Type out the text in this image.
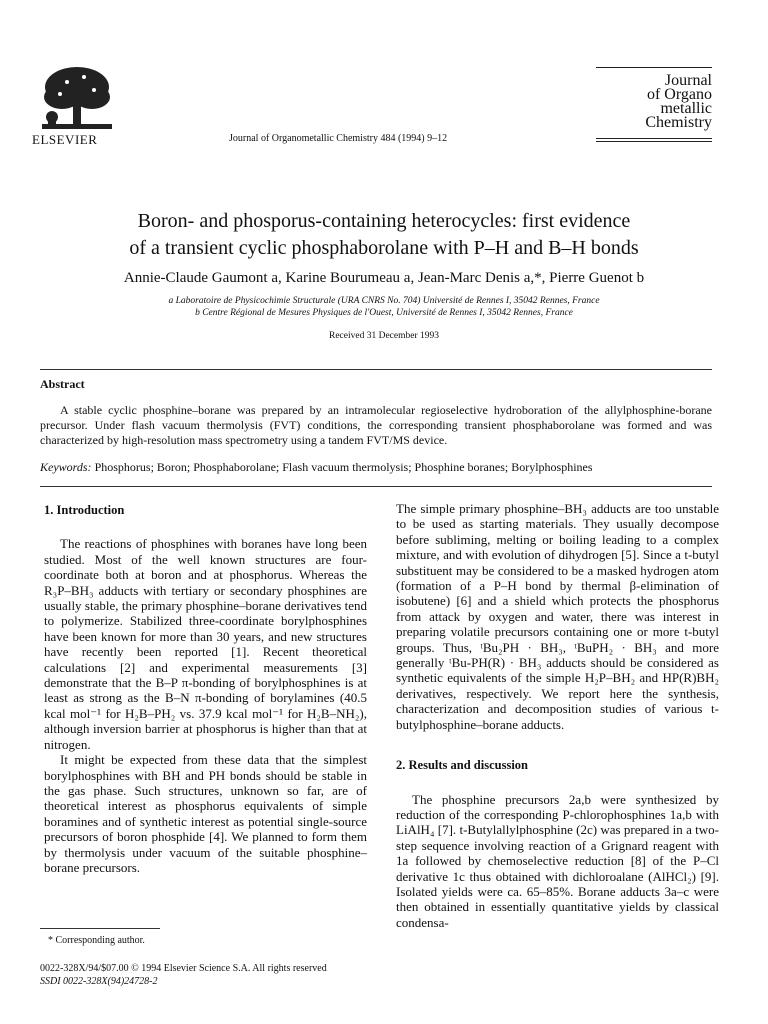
ELSEVIER	Journal of Organometallic Chemistry 484 (1994) 9–12
Journal
of Organo
metallic
Chemistry
Boron- and phosporus-containing heterocycles: first evidence
of a transient cyclic phosphaborolane with P–H and B–H bonds
Annie-Claude Gaumont a, Karine Bourumeau a, Jean-Marc Denis a,*, Pierre Guenot b
a Laboratoire de Physicochimie Structurale (URA CNRS No. 704) Université de Rennes I, 35042 Rennes, France
b Centre Régional de Mesures Physiques de l'Ouest, Université de Rennes I, 35042 Rennes, France
Received 31 December 1993
Abstract

A stable cyclic phosphine–borane was prepared by an intramolecular regioselective hydroboration of the allylphosphine-borane precursor. Under flash vacuum thermolysis (FVT) conditions, the corresponding transient phosphaborolane was formed and was characterized by high-resolution mass spectrometry using a tandem FVT/MS device.

Keywords: Phosphorus; Boron; Phosphaborolane; Flash vacuum thermolysis; Phosphine boranes; Borylphosphines
1. Introduction

The reactions of phosphines with boranes have long been studied. Most of the well known structures are four-coordinate both at boron and at phosphorus. Whereas the R₃P–BH₃ adducts with tertiary or secondary phosphines are usually stable, the primary phosphine–borane derivatives tend to polymerize. Stabilized three-coordinate borylphosphines have been known for more than 30 years, and new structures have recently been reported [1]. Recent theoretical calculations [2] and experimental measurements [3] demonstrate that the B–P π-bonding of borylphosphines is at least as strong as the B–N π-bonding of borylamines (40.5 kcal mol⁻¹ for H₂B–PH₂ vs. 37.9 kcal mol⁻¹ for H₂B–NH₂), although inversion barrier at phosphorus is higher than that at nitrogen.

It might be expected from these data that the simplest borylphosphines with BH and PH bonds should be stable in the gas phase. Such structures, unknown so far, are of theoretical interest as phosphorus equivalents of simple boramines and of synthetic interest as potential single-source precursors of boron phosphide [4]. We planned to form them by thermolysis under vacuum of the suitable phosphine–borane precursors.

The simple primary phosphine–BH₃ adducts are too unstable to be used as starting materials. They usually decompose before subliming, melting or boiling leading to a complex mixture, and with evolution of dihydrogen [5]. Since a t-butyl substituent may be considered to be a masked hydrogen atom (formation of a P–H bond by thermal β-elimination of isobutene) [6] and a shield which protects the phosphorus from attack by oxygen and water, there was interest in preparing volatile precursors containing one or more t-butyl groups. Thus, ᵗBu₂PH · BH₃, ᵗBuPH₂ · BH₃ and more generally ᵗBu-PH(R) · BH₃ adducts should be considered as synthetic equivalents of the simple H₂P–BH₂ and HP(R)BH₂ derivatives, respectively. We report here the synthesis, characterization and decomposition studies of various t-butylphosphine–borane adducts.

2. Results and discussion

The phosphine precursors 2a,b were synthesized by reduction of the corresponding P-chlorophosphines 1a,b with LiAlH₄ [7]. t-Butylallylphosphine (2c) was prepared in a two-step sequence involving reaction of a Grignard reagent with 1a followed by chemoselective reduction [8] of the P–Cl derivative 1c thus obtained with dichloroalane (AlHCl₂) [9]. Isolated yields were ca. 65–85%. Borane adducts 3a–c were then obtained in essentially quantitative yields by classical condensa-

* Corresponding author.
0022-328X/94/$07.00 © 1994 Elsevier Science S.A. All rights reserved
SSDI 0022-328X(94)24728-2
